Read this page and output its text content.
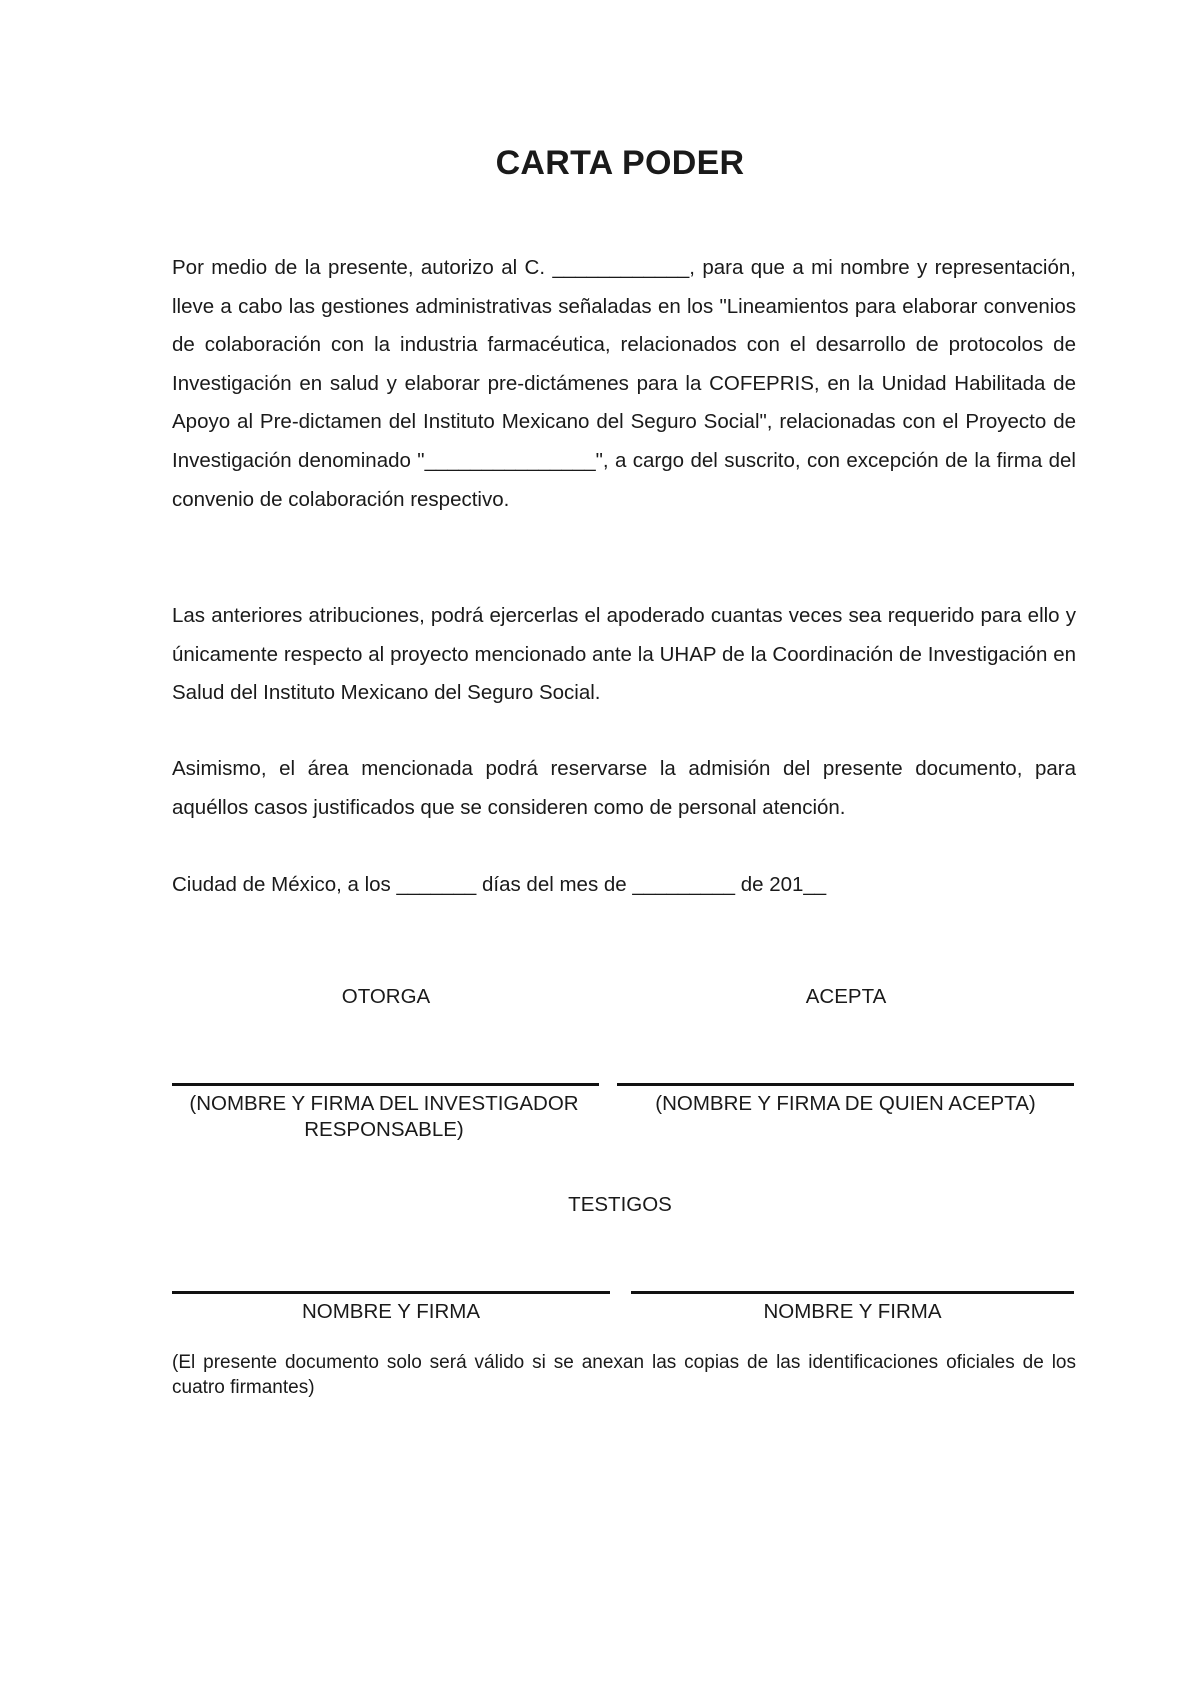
CARTA PODER
Por medio de la presente, autorizo al C. ____________, para que a mi nombre y representación, lleve a cabo las gestiones administrativas señaladas en los "Lineamientos para elaborar convenios de colaboración con la industria farmacéutica, relacionados con el desarrollo de protocolos de Investigación en salud y elaborar pre-dictámenes para la COFEPRIS, en la Unidad Habilitada de Apoyo al Pre-dictamen del Instituto Mexicano del Seguro Social", relacionadas con el Proyecto de Investigación denominado "_______________", a cargo del suscrito, con excepción de la firma del convenio de colaboración respectivo.
Las anteriores atribuciones, podrá ejercerlas el apoderado cuantas veces sea requerido para ello y únicamente respecto al proyecto mencionado ante la UHAP de la Coordinación de Investigación en Salud del Instituto Mexicano del Seguro Social.
Asimismo, el área mencionada podrá reservarse la admisión del presente documento, para aquéllos casos justificados que se consideren como de personal atención.
Ciudad de México, a los _______ días del mes de _________ de 201__
OTORGA	ACEPTA
(NOMBRE Y FIRMA DEL INVESTIGADOR RESPONSABLE)
(NOMBRE Y FIRMA DE QUIEN ACEPTA)
TESTIGOS
NOMBRE Y FIRMA	NOMBRE Y FIRMA
(El presente documento solo será válido si se anexan las copias de las identificaciones oficiales de los cuatro firmantes)
